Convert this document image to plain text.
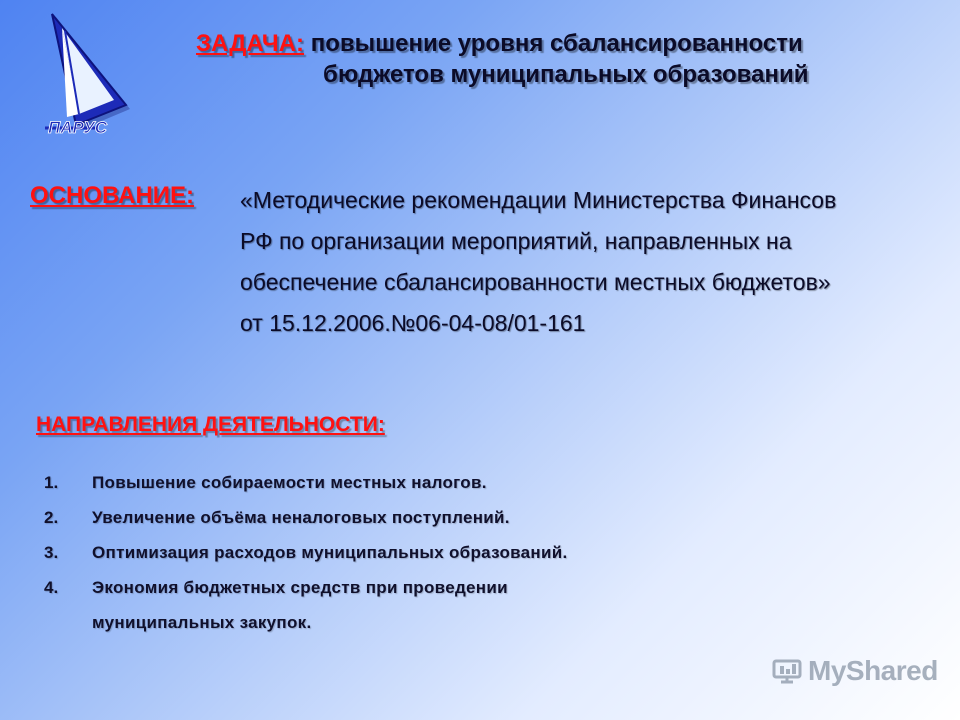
ПАРУС
ЗАДАЧА: повышение уровня сбалансированности
бюджетов муниципальных образований
ОСНОВАНИЕ: «Методические рекомендации Министерства Финансов
РФ по организации мероприятий, направленных на
обеспечение сбалансированности местных бюджетов»
от 15.12.2006.№06-04-08/01-161
НАПРАВЛЕНИЯ ДЕЯТЕЛЬНОСТИ:
1.	Повышение собираемости местных налогов.
2.	Увеличение объёма неналоговых поступлений.
3.	Оптимизация расходов муниципальных образований.
4.	Экономия бюджетных средств при проведении
муниципальных закупок.
MyShared
